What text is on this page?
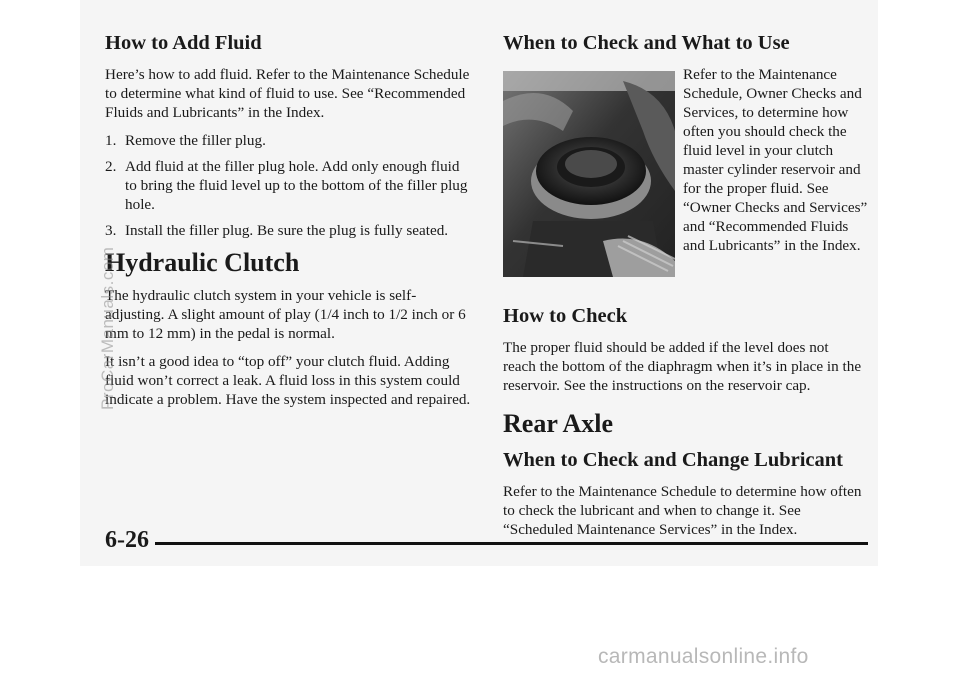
How to Add Fluid

Here’s how to add fluid. Refer to the Maintenance Schedule to determine what kind of fluid to use. See “Recommended Fluids and Lubricants” in the Index.

1. Remove the filler plug.
2. Add fluid at the filler plug hole. Add only enough fluid to bring the fluid level up to the bottom of the filler plug hole.
3. Install the filler plug. Be sure the plug is fully seated.
Hydraulic Clutch

The hydraulic clutch system in your vehicle is self-adjusting. A slight amount of play (1/4 inch to 1/2 inch or 6 mm to 12 mm) in the pedal is normal.

It isn’t a good idea to “top off” your clutch fluid. Adding fluid won’t correct a leak. A fluid loss in this system could indicate a problem. Have the system inspected and repaired.

When to Check and What to Use

Refer to the Maintenance Schedule, Owner Checks and Services, to determine how often you should check the fluid level in your clutch master cylinder reservoir and for the proper fluid. See “Owner Checks and Services” and “Recommended Fluids and Lubricants” in the Index.

How to Check

The proper fluid should be added if the level does not reach the bottom of the diaphragm when it’s in place in the reservoir. See the instructions on the reservoir cap.

Rear Axle
When to Check and Change Lubricant

Refer to the Maintenance Schedule to determine how often to check the lubricant and when to change it. See “Scheduled Maintenance Services” in the Index.

6-26
ProCarManuals.com
carmanualsonline.info
